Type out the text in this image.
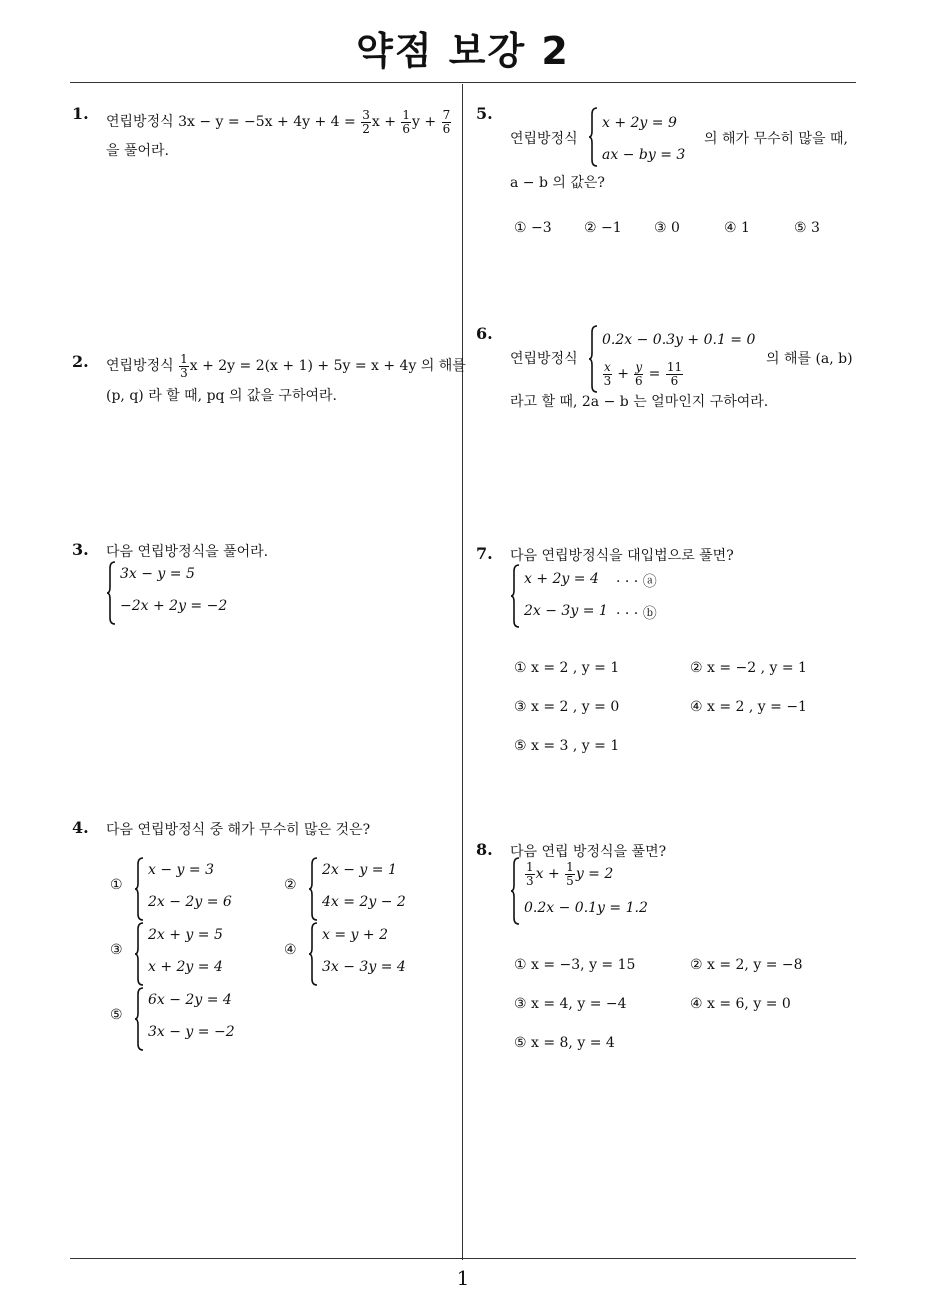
약점 보강 2
1
1. 연립방정식 $3x - y = -5x + 4y + 4 = \frac{3}{2}$ $x + \frac{1}{6}$ $y + \frac{7}{6}$
을 풀어라.
2. 연립방정식 $\frac{1}{3}$ x + 2y = 2(x + 1) + 5y = x + 4y 의 해를
(p, q) 라 할 때, pq 의 값을 구하여라.
3. 다음 연립방정식을 풀어라.
3x − y = 5
−2x + 2y = −2
4. 다음 연립방정식 중 해가 무수히 많은 것은?
①
x − y = 3
2x − 2y = 6
②
2x − y = 1
4x = 2y − 2
③
2x + y = 5
x + 2y = 4
④
x = y + 2
3x − 3y = 4
⑤
6x − 2y = 4
3x − y = −2
5.
연립방정식
x + 2y = 9
ax − by = 3
의 해가 무수히 많을 때,
a − b 의 값은?
① −3 ② −1 ③ 0	④ 1	⑤ 3
6.
연립방정식
0.2x − 0.3y + 0.1 = 0
$\frac{x}{3} + \frac{y}{6} = \frac{11}{6}$
의 해를 (a, b)
라고 할 때, 2a − b 는 얼마인지 구하여라.
7. 다음 연립방정식을 대입법으로 풀면?
x + 2y = 4 · · · ⓐ
2x − 3y = 1 · · · ⓑ
① x = 2 , y = 1	② x = −2 , y = 1
③ x = 2 , y = 0	④ x = 2 , y = −1
⑤ x = 3 , y = 1
8. 다음 연립 방정식을 풀면?
$\frac{1}{3}$ $x + \frac{1}{5}$ y = 2
0.2x − 0.1y = 1.2
① x = −3, y = 15	② x = 2, y = −8
③ x = 4, y = −4	④ x = 6, y = 0
⑤ x = 8, y = 4
